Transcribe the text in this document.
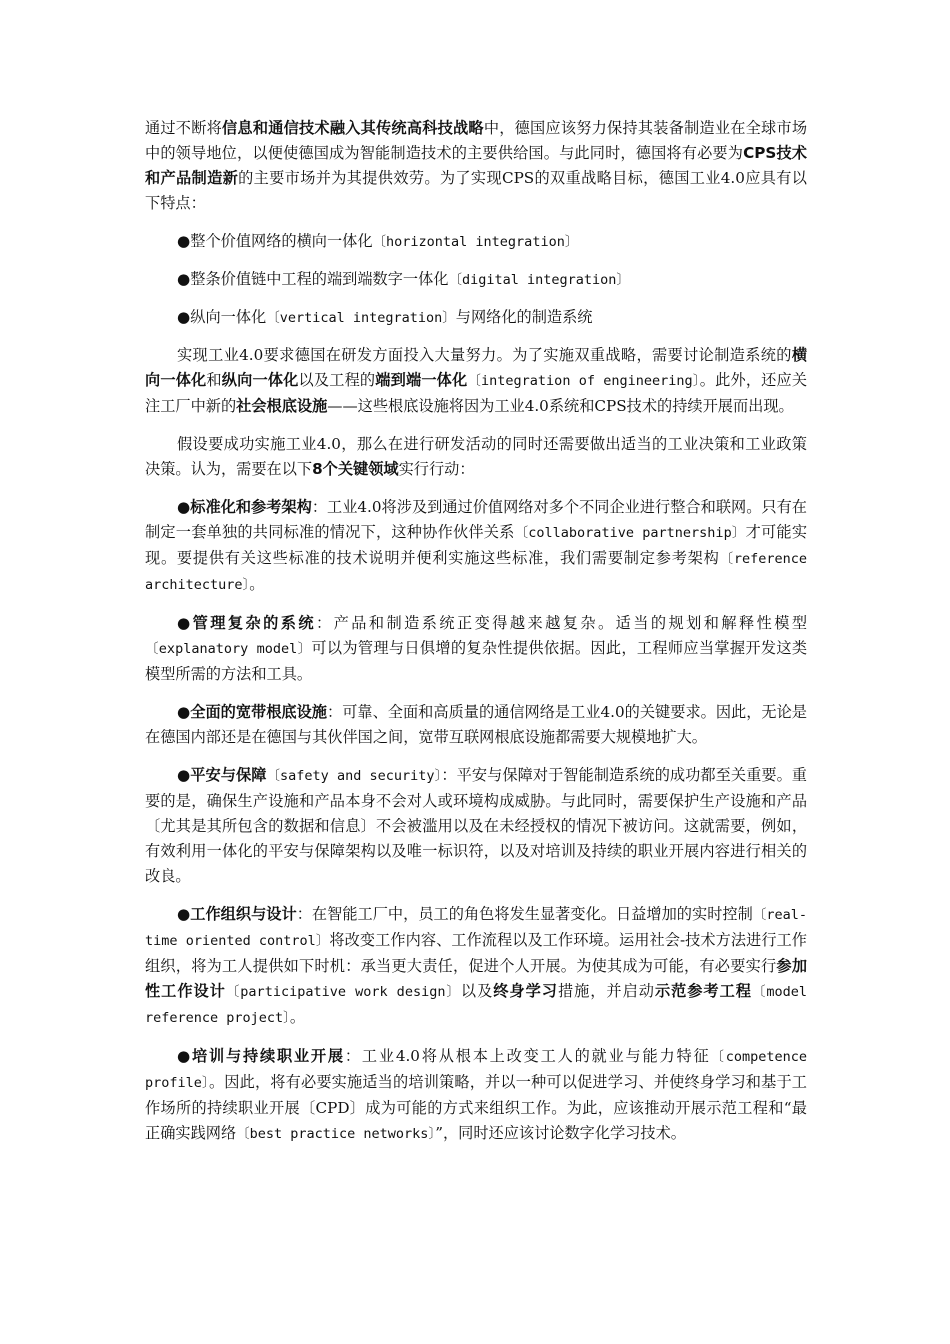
通过不断将信息和通信技术融入其传统高科技战略中，德国应该努力保持其装备制造业在全球市场中的领导地位，以便使德国成为智能制造技术的主要供给国。与此同时，德国将有必要为CPS技术和产品制造新的主要市场并为其提供效劳。为了实现CPS的双重战略目标，德国工业4.0应具有以下特点：

●整个价值网络的横向一体化〔horizontal integration〕

●整条价值链中工程的端到端数字一体化〔digital integration〕

●纵向一体化〔vertical integration〕与网络化的制造系统

实现工业4.0要求德国在研发方面投入大量努力。为了实施双重战略，需要讨论制造系统的横向一体化和纵向一体化以及工程的端到端一体化〔integration of engineering〕。此外，还应关注工厂中新的社会根底设施——这些根底设施将因为工业4.0系统和CPS技术的持续开展而出现。

假设要成功实施工业4.0，那么在进行研发活动的同时还需要做出适当的工业决策和工业政策决策。认为，需要在以下8个关键领域实行行动：

●标准化和参考架构：工业4.0将涉及到通过价值网络对多个不同企业进行整合和联网。只有在制定一套单独的共同标准的情况下，这种协作伙伴关系〔collaborative partnership〕才可能实现。要提供有关这些标准的技术说明并便利实施这些标准，我们需要制定参考架构〔reference architecture〕。

●管理复杂的系统：产品和制造系统正变得越来越复杂。适当的规划和解释性模型〔explanatory model〕可以为管理与日俱增的复杂性提供依据。因此，工程师应当掌握开发这类模型所需的方法和工具。

●全面的宽带根底设施：可靠、全面和高质量的通信网络是工业4.0的关键要求。因此，无论是在德国内部还是在德国与其伙伴国之间，宽带互联网根底设施都需要大规模地扩大。

●平安与保障〔safety and security〕：平安与保障对于智能制造系统的成功都至关重要。重要的是，确保生产设施和产品本身不会对人或环境构成威胁。与此同时，需要保护生产设施和产品〔尤其是其所包含的数据和信息〕不会被滥用以及在未经授权的情况下被访问。这就需要，例如，有效利用一体化的平安与保障架构以及唯一标识符，以及对培训及持续的职业开展内容进行相关的改良。

●工作组织与设计：在智能工厂中，员工的角色将发生显著变化。日益增加的实时控制〔real-time oriented control〕将改变工作内容、工作流程以及工作环境。运用社会-技术方法进行工作组织，将为工人提供如下时机：承当更大责任，促进个人开展。为使其成为可能，有必要实行参加性工作设计〔participative work design〕以及终身学习措施，并启动示范参考工程〔model reference project〕。

●培训与持续职业开展：工业4.0将从根本上改变工人的就业与能力特征〔competence profile〕。因此，将有必要实施适当的培训策略，并以一种可以促进学习、并使终身学习和基于工作场所的持续职业开展〔CPD〕成为可能的方式来组织工作。为此，应该推动开展示范工程和“最正确实践网络〔best practice networks〕”，同时还应该讨论数字化学习技术。
